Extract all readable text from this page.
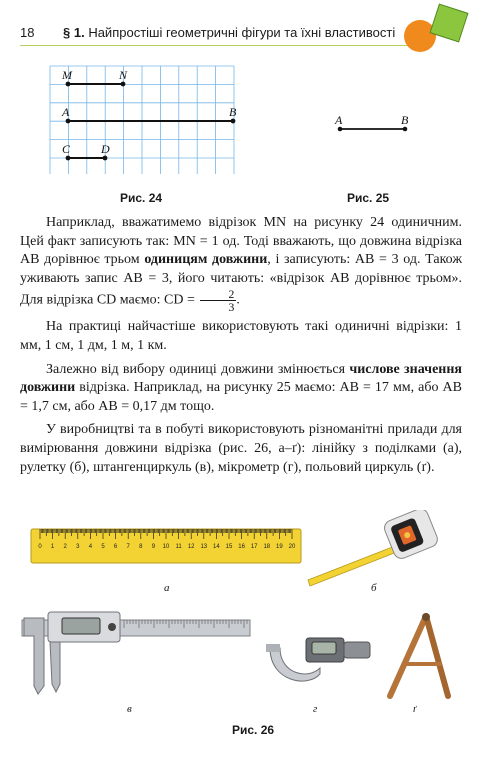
18 § 1. Найпростіші геометричні фігури та їхні властивості
M	N
A	B
C	D
Рис. 24
A	B
Рис. 25

Наприклад, вважатимемо відрізок MN на рисунку 24 одиничним. Цей факт записують так: MN = 1 од. Тоді вважають, що довжина відрізка AB дорівнює трьом одиницям довжини, і записують: AB = 3 од. Також уживають запис AB = 3, його читають: «відрізок AB дорівнює трьом». Для відрізка CD маємо: CD = $\frac{2}{3}$ .

На практиці найчастіше використовують такі одиничні відрізки: 1 мм, 1 см, 1 дм, 1 м, 1 км.

Залежно від вибору одиниці довжини змінюється числове значення довжини відрізка. Наприклад, на рисунку 25 маємо: AB = 17 мм, або AB = 1,7 см, або AB = 0,17 дм тощо.

У виробництві та в побуті використовують різноманітні прилади для вимірювання довжини відрізка (рис. 26, а–ґ): лінійку з поділками (а), рулетку (б), штангенциркуль (в), мікрометр (г), польовий циркуль (ґ).

0 1 2 3 4 5 6 7 8 9 10 11 12 13 14 15 16 17 18 19 20
а	б
в	г	ґ
Рис. 26
